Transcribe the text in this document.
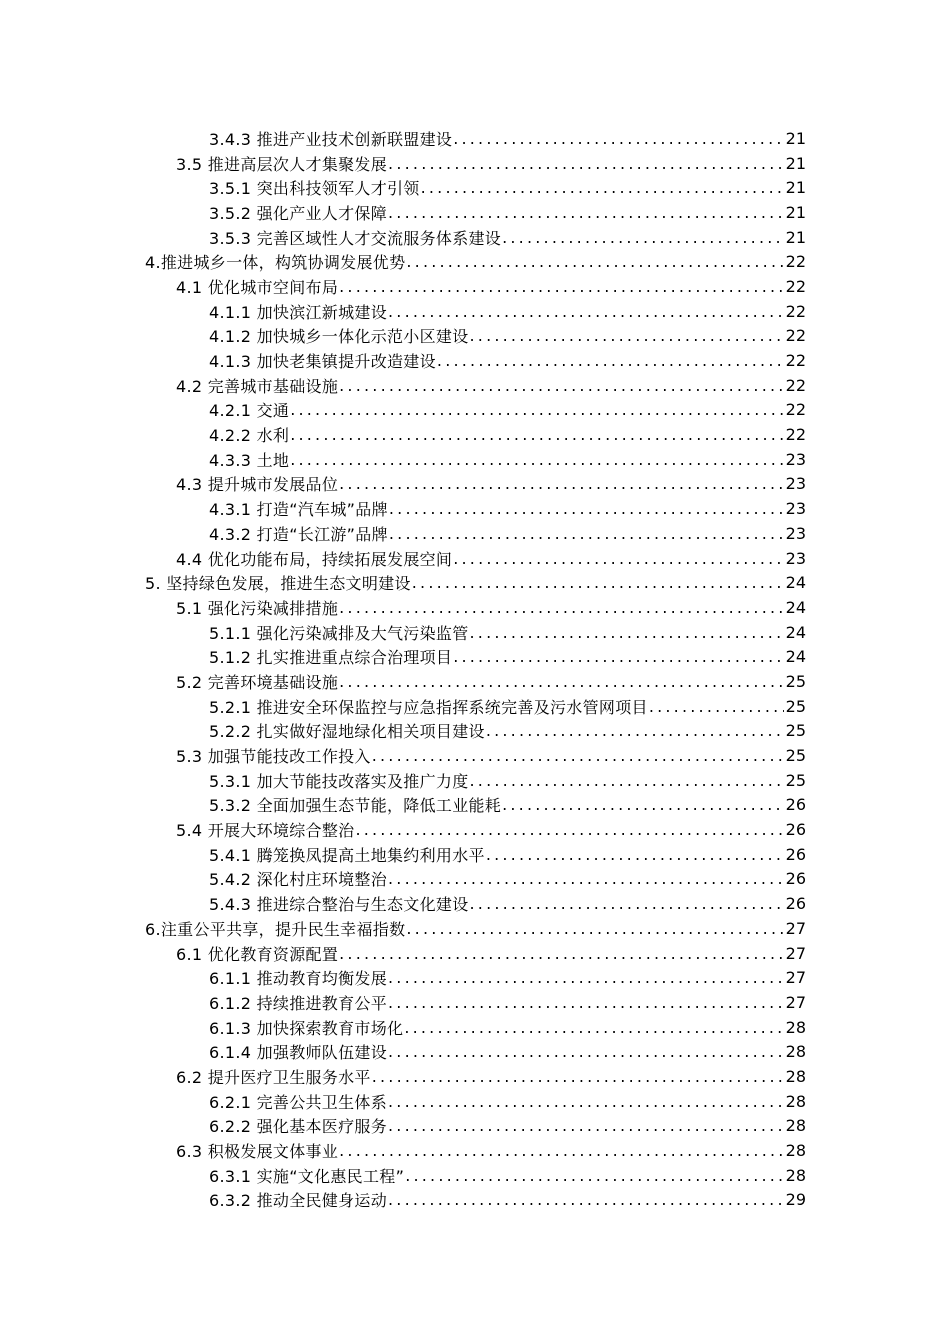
3.4.3 推进产业技术创新联盟建设 .....	21
3.5 推进高层次人才集聚发展 .....	21
3.5.1 突出科技领军人才引领 .....	21
3.5.2 强化产业人才保障 .....	21
3.5.3 完善区域性人才交流服务体系建设 .....	21
4.推进城乡一体，构筑协调发展优势 .....	22
4.1 优化城市空间布局 .....	22
4.1.1 加快滨江新城建设 .....	22
4.1.2 加快城乡一体化示范小区建设 .....	22
4.1.3 加快老集镇提升改造建设 .....	22
4.2 完善城市基础设施 .....	22
4.2.1 交通 .....	22
4.2.2 水利 .....	22
4.3.3 土地 .....	23
4.3 提升城市发展品位 .....	23
4.3.1 打造“汽车城”品牌 .....	23
4.3.2 打造“长江游”品牌 .....	23
4.4 优化功能布局，持续拓展发展空间 .....	23
5. 坚持绿色发展，推进生态文明建设 .....	24
5.1 强化污染减排措施 .....	24
5.1.1 强化污染减排及大气污染监管 .....	24
5.1.2 扎实推进重点综合治理项目 .....	24
5.2 完善环境基础设施 .....	25
5.2.1 推进安全环保监控与应急指挥系统完善及污水管网项目 .....	25
5.2.2 扎实做好湿地绿化相关项目建设 .....	25
5.3 加强节能技改工作投入 .....	25
5.3.1 加大节能技改落实及推广力度 .....	25
5.3.2 全面加强生态节能，降低工业能耗 .....	26
5.4 开展大环境综合整治 .....	26
5.4.1 腾笼换凤提高土地集约利用水平 .....	26
5.4.2 深化村庄环境整治 .....	26
5.4.3 推进综合整治与生态文化建设 .....	26
6.注重公平共享，提升民生幸福指数 .....	27
6.1 优化教育资源配置 .....	27
6.1.1 推动教育均衡发展 .....	27
6.1.2 持续推进教育公平 .....	27
6.1.3 加快探索教育市场化 .....	28
6.1.4 加强教师队伍建设 .....	28
6.2 提升医疗卫生服务水平 .....	28
6.2.1 完善公共卫生体系 .....	28
6.2.2 强化基本医疗服务 .....	28
6.3 积极发展文体事业 .....	28
6.3.1 实施“文化惠民工程” .....	28
6.3.2 推动全民健身运动 .....	29
